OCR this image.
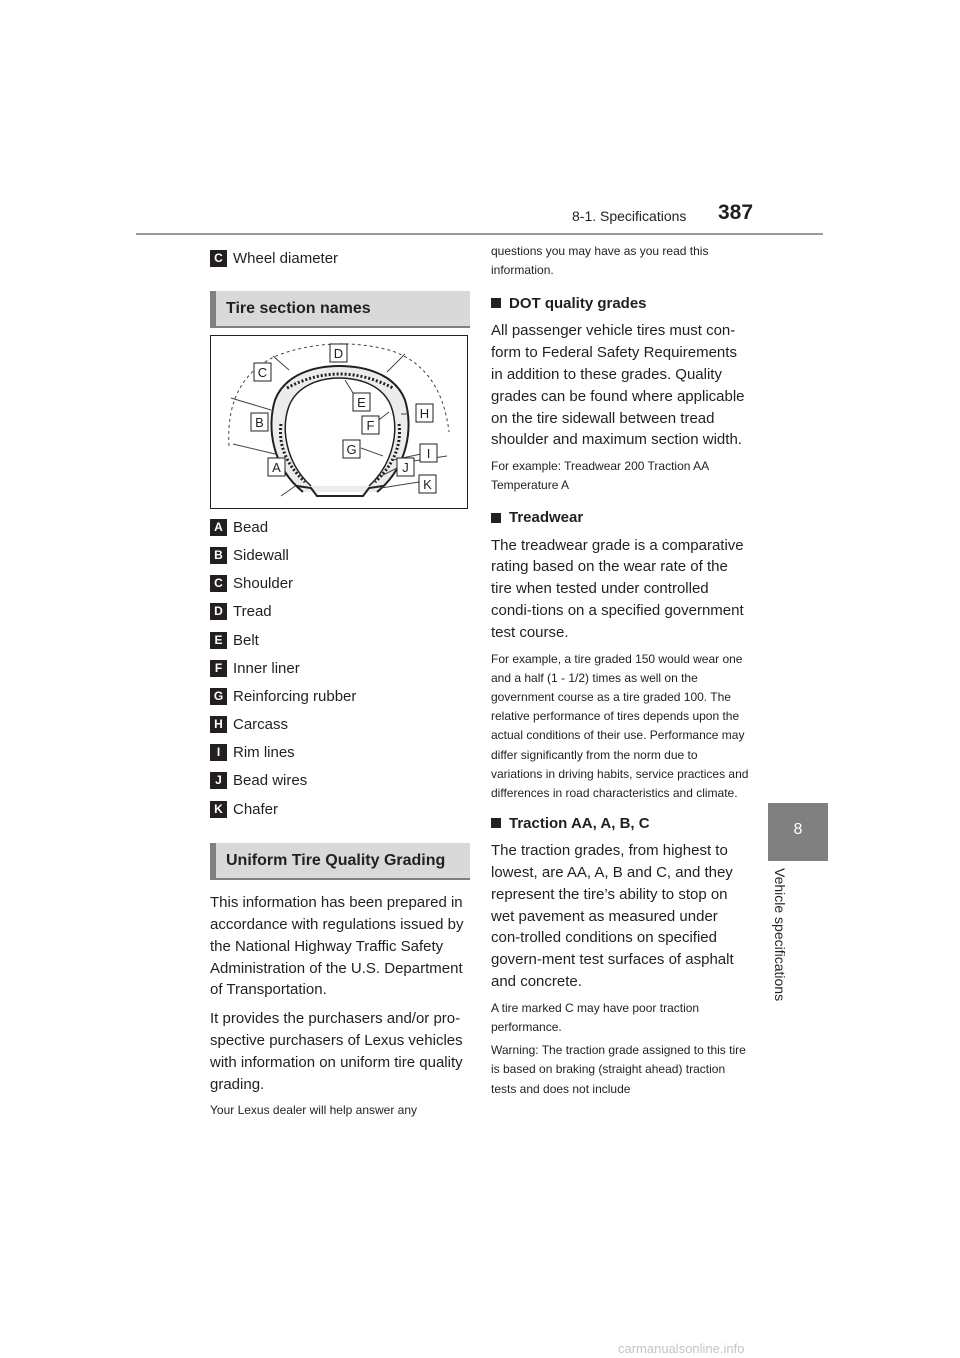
8-1. Specifications 387
8
Vehicle specifications
C Wheel diameter
Tire section names
A
B
C
D
E
F
G
H
I
J
K
A Bead
B Sidewall
C Shoulder
D Tread
E Belt
F Inner liner
G Reinforcing rubber
H Carcass
I Rim lines
J Bead wires
K Chafer
Uniform Tire Quality Grading

This information has been prepared in accordance with regulations issued by the National Highway Traffic Safety Administration of the U.S. Department of Transportation.

It provides the purchasers and/or pro-spective purchasers of Lexus vehicles with information on uniform tire quality grading.

Your Lexus dealer will help answer any

questions you may have as you read this information.

DOT quality grades

All passenger vehicle tires must con-form to Federal Safety Requirements in addition to these grades. Quality grades can be found where applicable on the tire sidewall between tread shoulder and maximum section width.

For example: Treadwear 200 Traction AA Temperature A

Treadwear

The treadwear grade is a comparative rating based on the wear rate of the tire when tested under controlled condi-tions on a specified government test course.

For example, a tire graded 150 would wear one and a half (1 - 1/2) times as well on the government course as a tire graded 100. The relative performance of tires depends upon the actual conditions of their use. Performance may differ significantly from the norm due to variations in driving habits, service practices and differences in road characteristics and climate.

Traction AA, A, B, C

The traction grades, from highest to lowest, are AA, A, B and C, and they represent the tire’s ability to stop on wet pavement as measured under con-trolled conditions on specified govern-ment test surfaces of asphalt and concrete.

A tire marked C may have poor traction performance.

Warning: The traction grade assigned to this tire is based on braking (straight ahead) traction tests and does not include

carmanualsonline.info
